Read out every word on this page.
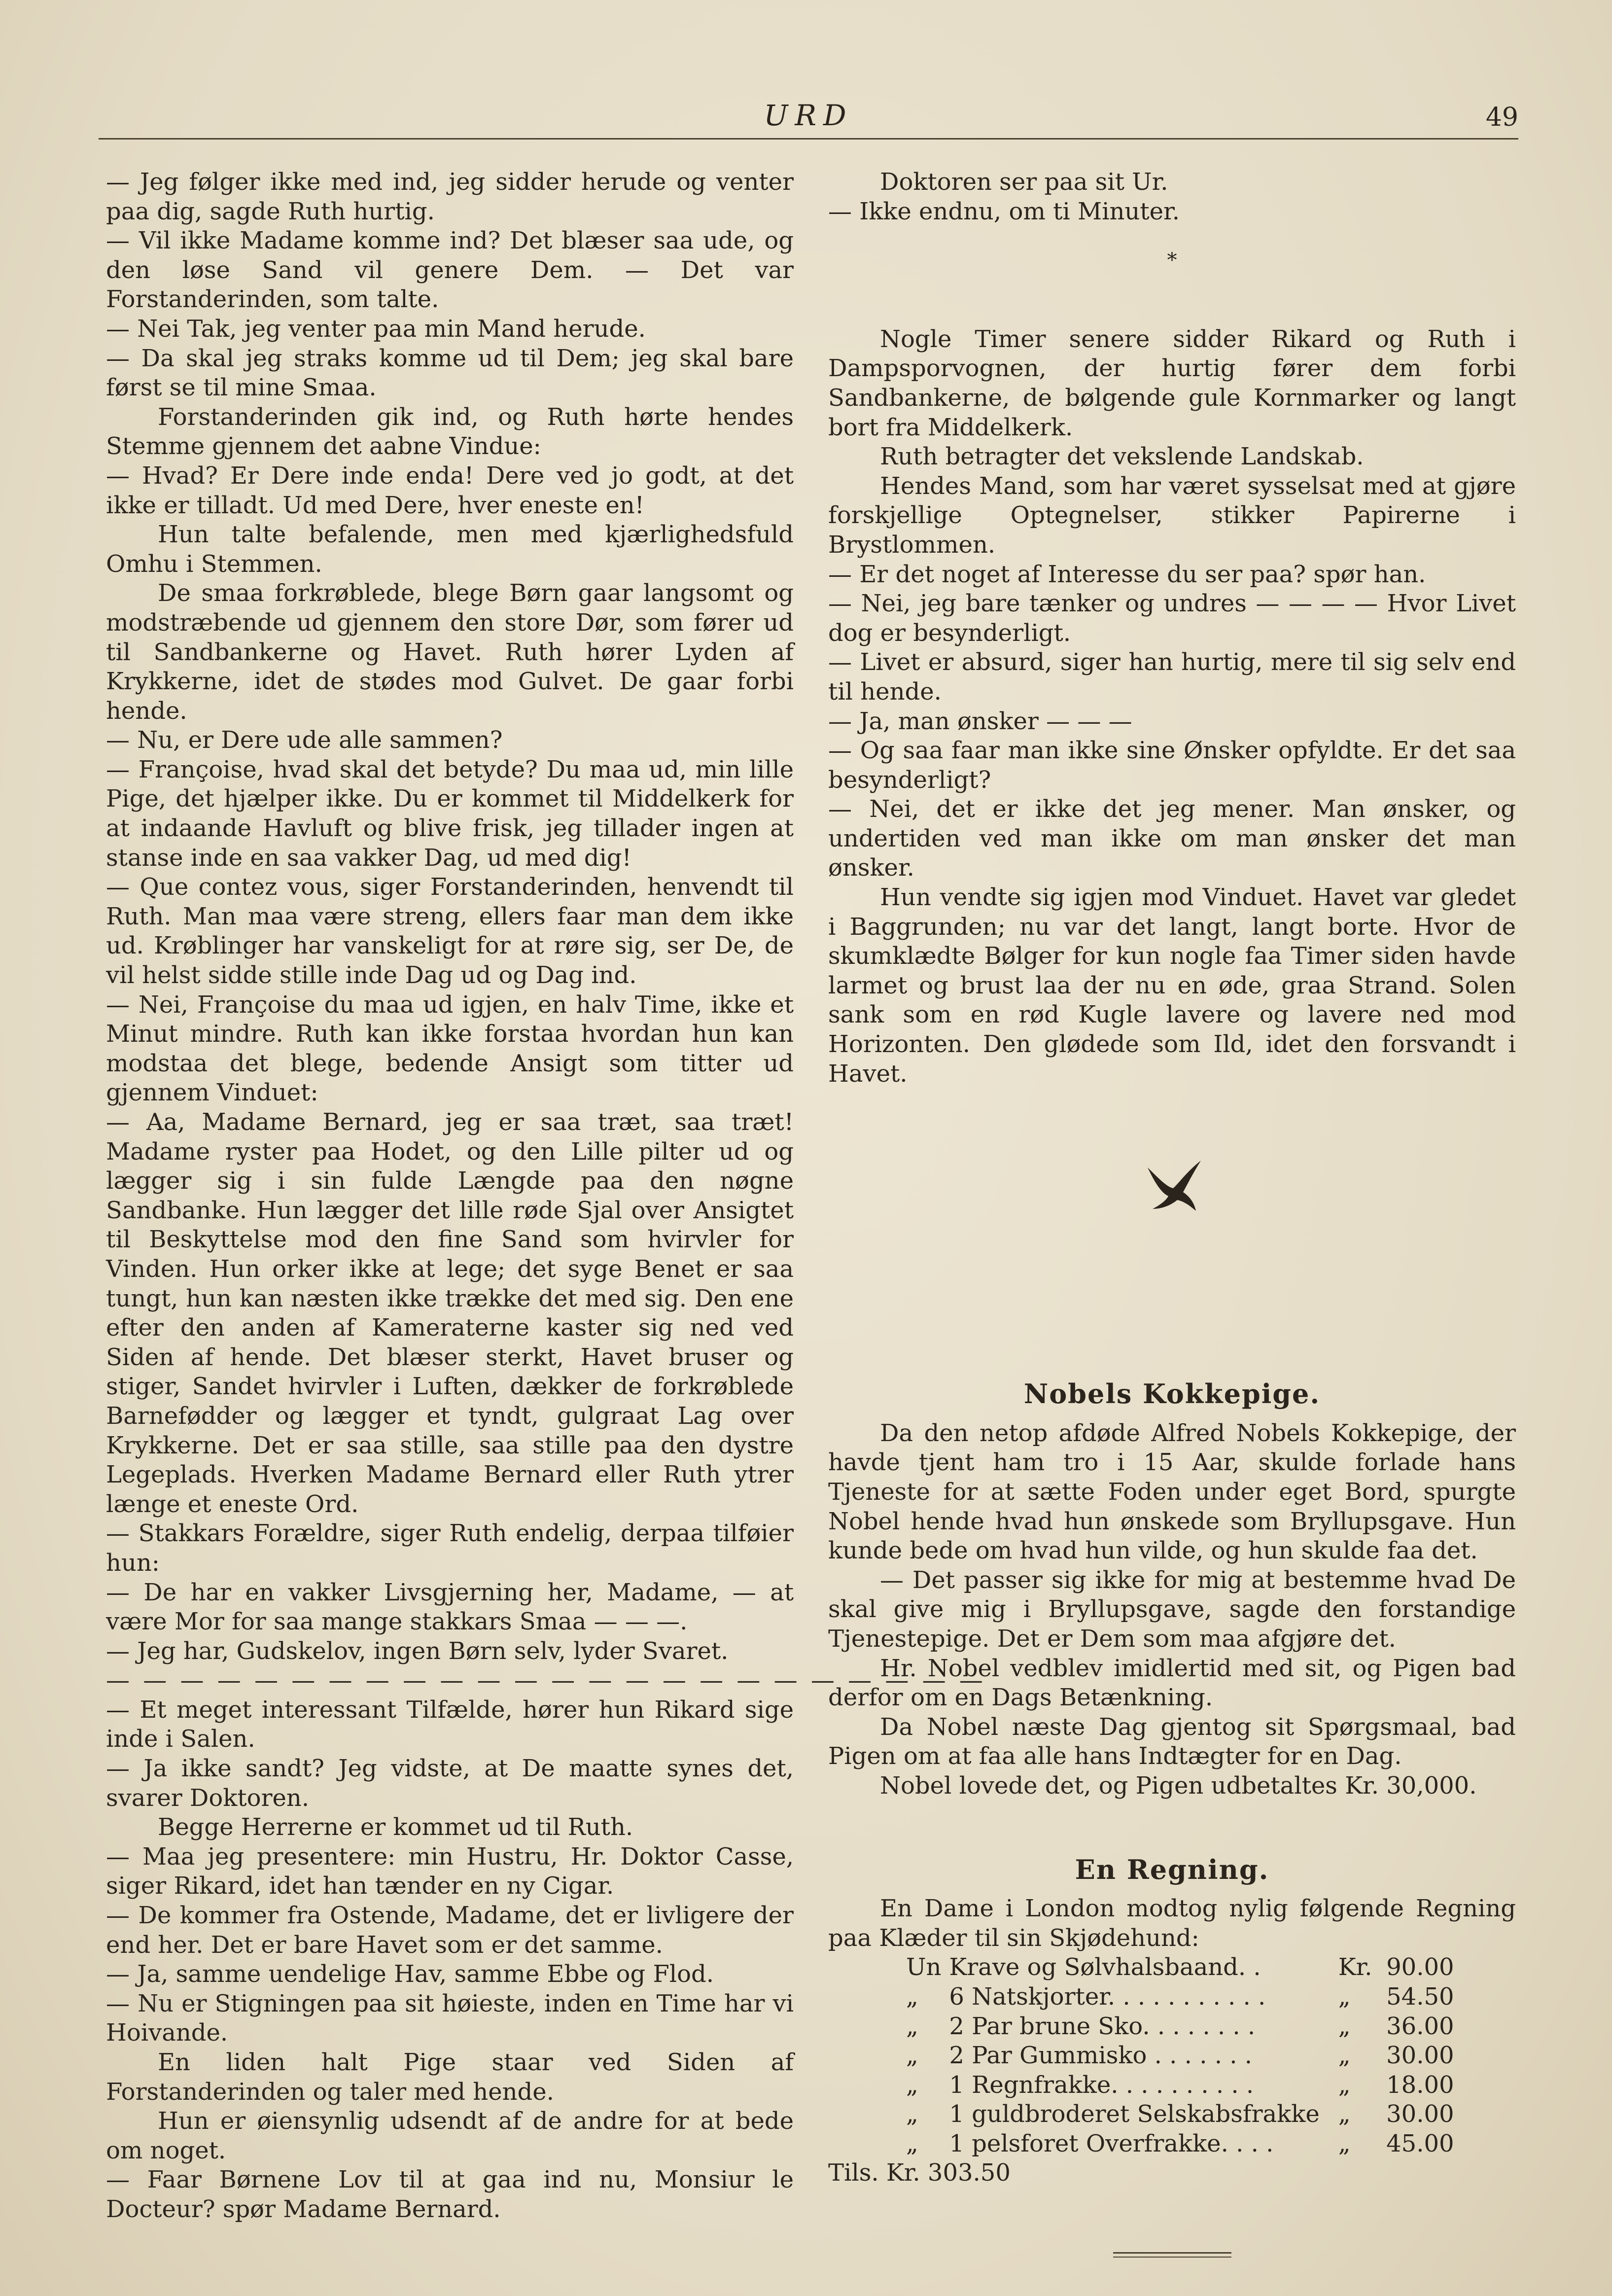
URD	49

— Jeg følger ikke med ind, jeg sidder herude og venter paa dig, sagde Ruth hurtig.

— Vil ikke Madame komme ind? Det blæser saa ude, og den løse Sand vil genere Dem. — Det var Forstanderinden, som talte.

— Nei Tak, jeg venter paa min Mand herude.

— Da skal jeg straks komme ud til Dem; jeg skal bare først se til mine Smaa.

Forstanderinden gik ind, og Ruth hørte hendes Stemme gjennem det aabne Vindue:

— Hvad? Er Dere inde enda! Dere ved jo godt, at det ikke er tilladt. Ud med Dere, hver eneste en!

Hun talte befalende, men med kjærlighedsfuld Omhu i Stemmen.

De smaa forkrøblede, blege Børn gaar langsomt og modstræbende ud gjennem den store Dør, som fører ud til Sandbankerne og Havet. Ruth hører Lyden af Krykkerne, idet de stødes mod Gulvet. De gaar forbi hende.

— Nu, er Dere ude alle sammen?

— Françoise, hvad skal det betyde? Du maa ud, min lille Pige, det hjælper ikke. Du er kommet til Middelkerk for at indaande Havluft og blive frisk, jeg tillader ingen at stanse inde en saa vakker Dag, ud med dig!

— Que contez vous, siger Forstanderinden, henvendt til Ruth. Man maa være streng, ellers faar man dem ikke ud. Krøblinger har vanskeligt for at røre sig, ser De, de vil helst sidde stille inde Dag ud og Dag ind.

— Nei, Françoise du maa ud igjen, en halv Time, ikke et Minut mindre. Ruth kan ikke forstaa hvordan hun kan modstaa det blege, bedende Ansigt som titter ud gjennem Vinduet:

— Aa, Madame Bernard, jeg er saa træt, saa træt! Madame ryster paa Hodet, og den Lille pilter ud og lægger sig i sin fulde Længde paa den nøgne Sandbanke. Hun lægger det lille røde Sjal over Ansigtet til Beskyttelse mod den fine Sand som hvirvler for Vinden. Hun orker ikke at lege; det syge Benet er saa tungt, hun kan næsten ikke trække det med sig. Den ene efter den anden af Kameraterne kaster sig ned ved Siden af hende. Det blæser sterkt, Havet bruser og stiger, Sandet hvirvler i Luften, dækker de forkrøblede Barnefødder og lægger et tyndt, gulgraat Lag over Krykkerne. Det er saa stille, saa stille paa den dystre Legeplads. Hverken Madame Bernard eller Ruth ytrer længe et eneste Ord.

— Stakkars Forældre, siger Ruth endelig, derpaa tilføier hun:

— De har en vakker Livsgjerning her, Madame, — at være Mor for saa mange stakkars Smaa — — —.

— Jeg har, Gudskelov, ingen Børn selv, lyder Svaret.

— — — — — — — — — — — — — — — — — — — — — — — —

— Et meget interessant Tilfælde, hører hun Rikard sige inde i Salen.

— Ja ikke sandt? Jeg vidste, at De maatte synes det, svarer Doktoren.

Begge Herrerne er kommet ud til Ruth.

— Maa jeg presentere: min Hustru, Hr. Doktor Casse, siger Rikard, idet han tænder en ny Cigar.

— De kommer fra Ostende, Madame, det er livligere der end her. Det er bare Havet som er det samme.

— Ja, samme uendelige Hav, samme Ebbe og Flod.

— Nu er Stigningen paa sit høieste, inden en Time har vi Hoivande.

En liden halt Pige staar ved Siden af Forstanderinden og taler med hende.

Hun er øiensynlig udsendt af de andre for at bede om noget.

— Faar Børnene Lov til at gaa ind nu, Monsiur le Docteur? spør Madame Bernard.

Doktoren ser paa sit Ur.

— Ikke endnu, om ti Minuter.

*

Nogle Timer senere sidder Rikard og Ruth i Dampsporvognen, der hurtig fører dem forbi Sandbankerne, de bølgende gule Kornmarker og langt bort fra Middelkerk.

Ruth betragter det vekslende Landskab.

Hendes Mand, som har været sysselsat med at gjøre forskjellige Optegnelser, stikker Papirerne i Brystlommen.

— Er det noget af Interesse du ser paa? spør han.

— Nei, jeg bare tænker og undres — — — — Hvor Livet dog er besynderligt.

— Livet er absurd, siger han hurtig, mere til sig selv end til hende.

— Ja, man ønsker — — —

— Og saa faar man ikke sine Ønsker opfyldte. Er det saa besynderligt?

— Nei, det er ikke det jeg mener. Man ønsker, og undertiden ved man ikke om man ønsker det man ønsker.

Hun vendte sig igjen mod Vinduet. Havet var gledet i Baggrunden; nu var det langt, langt borte. Hvor de skumklædte Bølger for kun nogle faa Timer siden havde larmet og brust laa der nu en øde, graa Strand. Solen sank som en rød Kugle lavere og lavere ned mod Horizonten. Den glødede som Ild, idet den forsvandt i Havet.

Nobels Kokkepige.

Da den netop afdøde Alfred Nobels Kokkepige, der havde tjent ham tro i 15 Aar, skulde forlade hans Tjeneste for at sætte Foden under eget Bord, spurgte Nobel hende hvad hun ønskede som Bryllupsgave. Hun kunde bede om hvad hun vilde, og hun skulde faa det.

— Det passer sig ikke for mig at bestemme hvad De skal give mig i Bryllupsgave, sagde den forstandige Tjenestepige. Det er Dem som maa afgjøre det.

Hr. Nobel vedblev imidlertid med sit, og Pigen bad derfor om en Dags Betænkning.

Da Nobel næste Dag gjentog sit Spørgsmaal, bad Pigen om at faa alle hans Indtægter for en Dag.

Nobel lovede det, og Pigen udbetaltes Kr. 30,000.

En Regning.

En Dame i London modtog nylig følgende Regning paa Klæder til sin Skjødehund:

Un	Krave og Sølvhalsbaand. .	Kr.	90.00
„	6 Natskjorter. . . . . . . . . . .	„	54.50
„	2 Par brune Sko. . . . . . . .	„	36.00
„	2 Par Gummisko . . . . . . .	„	30.00
„	1 Regnfrakke. . . . . . . . . .	„	18.00
„	1 guldbroderet Selskabsfrakke	„	30.00
„	1 pelsforet Overfrakke. . . .	„	45.00

Tils. Kr. 303.50
